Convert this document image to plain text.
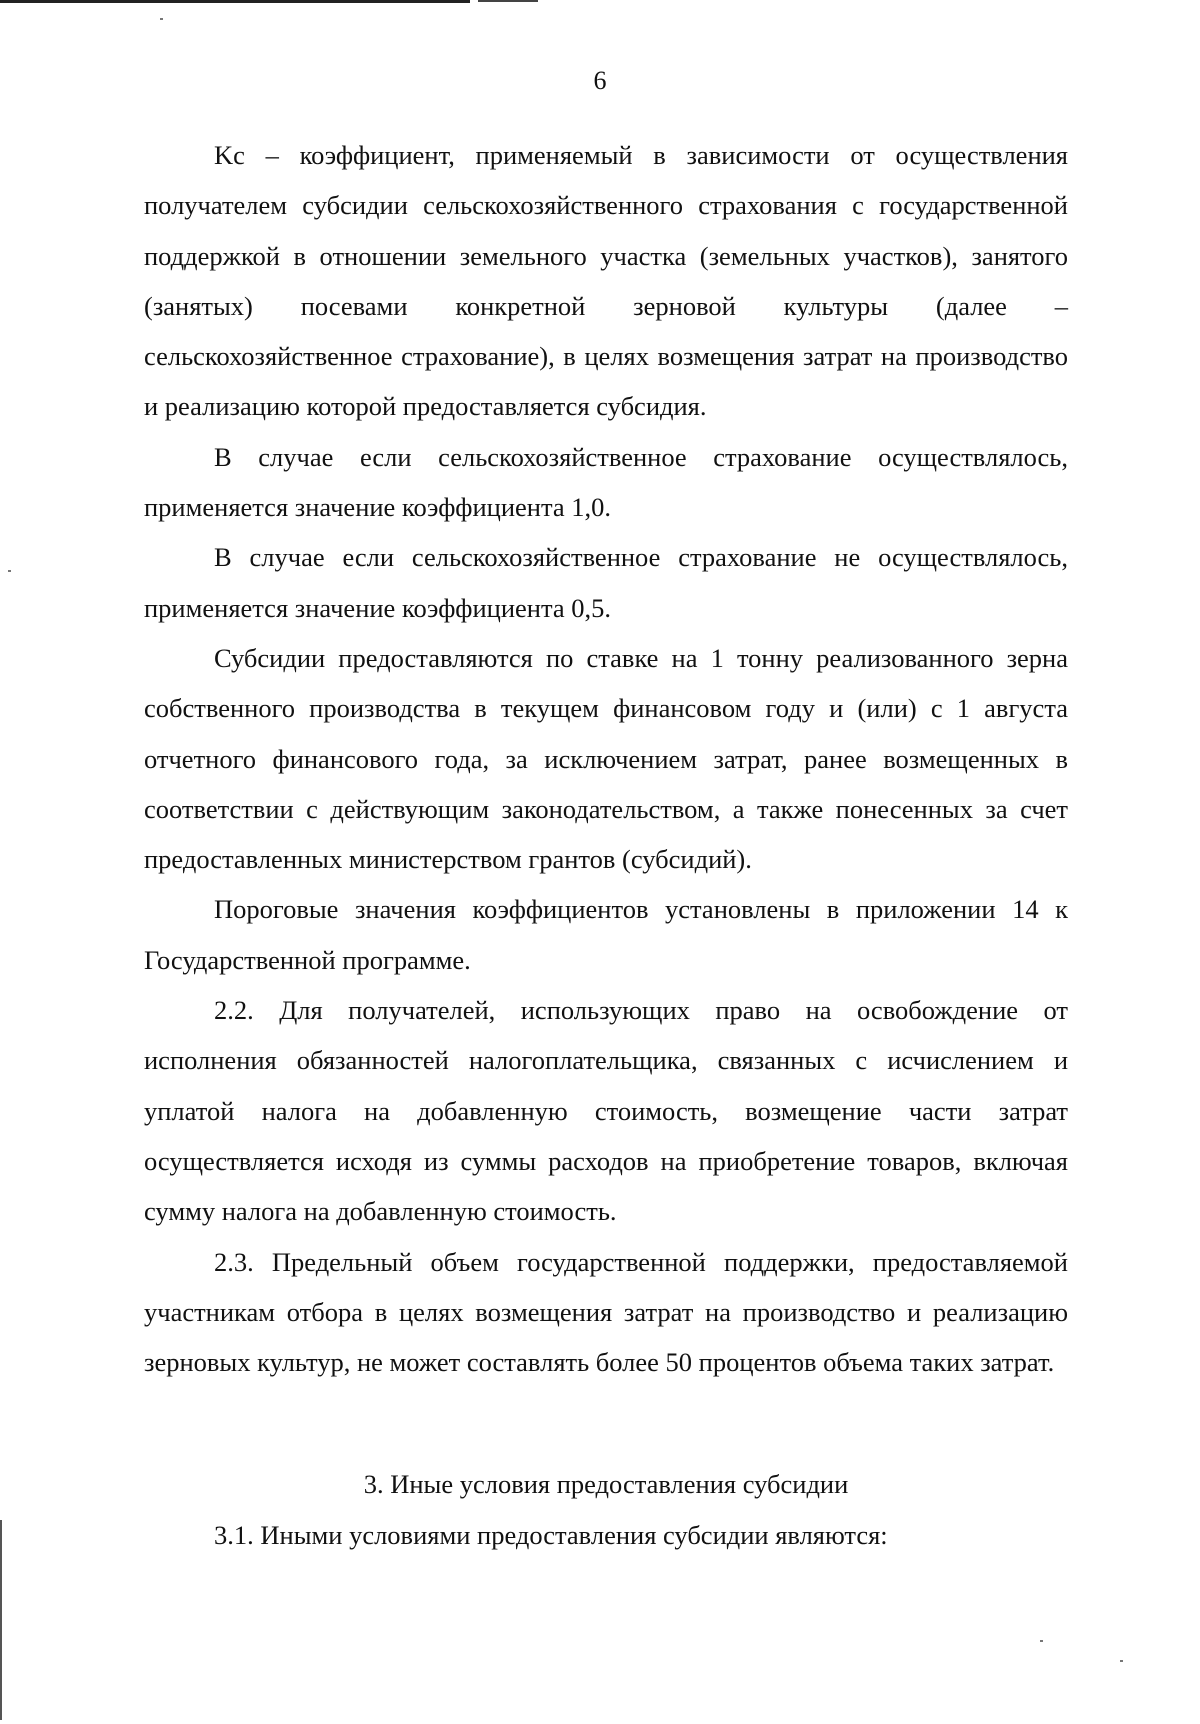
6

Kc – коэффициент, применяемый в зависимости от осуществления получателем субсидии сельскохозяйственного страхования с государственной поддержкой в отношении земельного участка (земельных участков), занятого (занятых) посевами конкретной зерновой культуры (далее – сельскохозяйственное страхование), в целях возмещения затрат на производство и реализацию которой предоставляется субсидия.

В случае если сельскохозяйственное страхование осуществлялось, применяется значение коэффициента 1,0.

В случае если сельскохозяйственное страхование не осуществлялось, применяется значение коэффициента 0,5.

Субсидии предоставляются по ставке на 1 тонну реализованного зерна собственного производства в текущем финансовом году и (или) с 1 августа отчетного финансового года, за исключением затрат, ранее возмещенных в соответствии с действующим законодательством, а также понесенных за счет предоставленных министерством грантов (субсидий).

Пороговые значения коэффициентов установлены в приложении 14 к Государственной программе.

2.2. Для получателей, использующих право на освобождение от исполнения обязанностей налогоплательщика, связанных с исчислением и уплатой налога на добавленную стоимость, возмещение части затрат осуществляется исходя из суммы расходов на приобретение товаров, включая сумму налога на добавленную стоимость.

2.3. Предельный объем государственной поддержки, предоставляемой участникам отбора в целях возмещения затрат на производство и реализацию зерновых культур, не может составлять более 50 процентов объема таких затрат.

3. Иные условия предоставления субсидии

3.1. Иными условиями предоставления субсидии являются:
